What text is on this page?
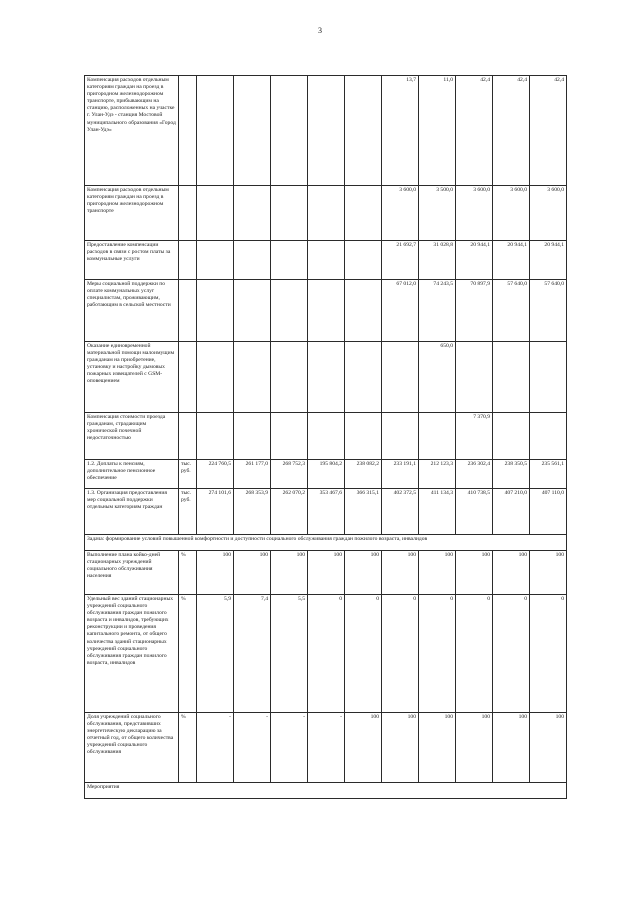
3
Компенсация расходов отдельным категориям граждан на проезд в пригородном железнодорожном транспорте, прибывающим на станцию, расположенных на участке г. Улан-Удэ - станция Мостовой муниципального образования «Город Улан-Удэ»							13,7	11,0	42,4	42,4	42,4
Компенсация расходов отдельным категориям граждан на проезд в пригородном железнодорожном транспорте							3 600,0	3 500,0	3 600,0	3 600,0	3 600,0
Предоставление компенсации расходов в связи с ростом платы за коммунальные услуги							21 692,7	31 028,8	20 944,1	20 944,1	20 944,1
Меры социальной поддержки по оплате коммунальных услуг специалистам, проживающим, работающим в сельской местности							67 012,0	74 243,5	70 897,9	57 640,0	57 640,0
Оказание единовременной материальной помощи малоимущим гражданам на приобретение, установку и настройку дымовых пожарных извещателей с GSM-оповещением								650,0			
Компенсация стоимости проезда гражданам, страдающим хронической почечной недостаточностью									7 370,9		
1.2. Доплаты к пенсиям, дополнительное пенсионное обеспечение	тыс. руб.	224 760,5	261 177,0	268 752,3	195 804,2	238 082,2	233 191,1	212 123,3	236 302,4	238 350,5	235 561,1
1.3. Организация предоставления мер социальной поддержки отдельным категориям граждан	тыс. руб.	274 101,6	268 353,9	262 070,2	353 467,6	366 315,1	402 372,5	411 134,3	410 738,5	407 210,0	407 110,0
Задача: формирование условий повышенной комфортности и доступности социального обслуживания граждан пожилого возраста, инвалидов											
Выполнение плана койко-дней стационарных учреждений социального обслуживания населения	%	100	100	100	100	100	100	100	100	100	100
Удельный вес зданий стационарных учреждений социального обслуживания граждан пожилого возраста и инвалидов, требующих реконструкции и проведения капитального ремонта, от общего количества зданий стационарных учреждений социального обслуживания граждан пожилого возраста, инвалидов	%	5,9	7,4	5,5	0	0	0	0	0	0	0
Доля учреждений социального обслуживания, представивших энергетическую декларацию за отчетный год, от общего количества учреждений социального обслуживания	%	-	-	-	-	100	100	100	100	100	100
Мероприятия											
